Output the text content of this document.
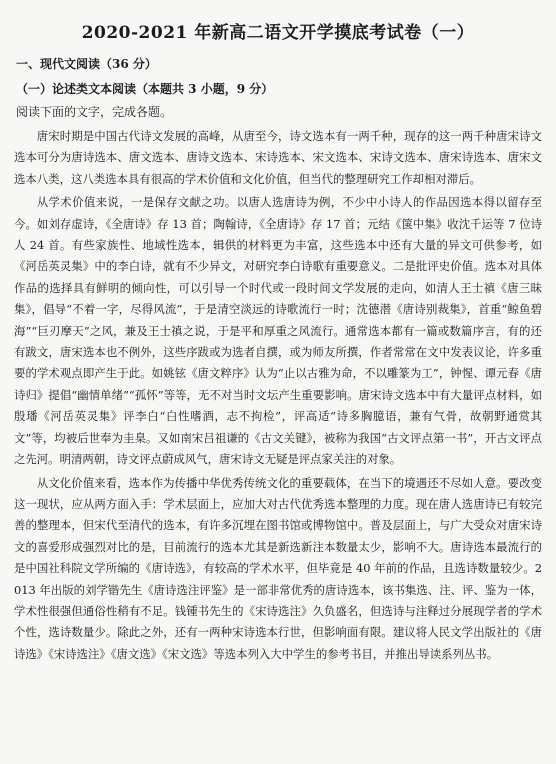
2020-2021 年新高二语文开学摸底考试卷（一）
一、现代文阅读（36 分）
（一）论述类文本阅读（本题共 3 小题，9 分）
阅读下面的文字，完成各题。

唐宋时期是中国古代诗文发展的高峰，从唐至今，诗文选本有一两千种，现存的这一两千种唐宋诗文选本可分为唐诗选本、唐文选本、唐诗文选本、宋诗选本、宋文选本、宋诗文选本、唐宋诗选本、唐宋文选本八类，这八类选本具有很高的学术价值和文化价值，但当代的整理研究工作却相对滞后。

从学术价值来说，一是保存文献之功。以唐人选唐诗为例，不少中小诗人的作品因选本得以留存至今。如刘存虚诗，《全唐诗》存 13 首；陶翰诗，《全唐诗》存 17 首；元结《箧中集》收沈千运等 7 位诗人 24 首。有些家族性、地域性选本，辑供的材料更为丰富，这些选本中还有大量的异文可供参考，如《河岳英灵集》中的李白诗，就有不少异文，对研究李白诗歌有重要意义。二是批评史价值。选本对具体作品的选择具有鲜明的倾向性，可以引导一个时代或一段时间文学发展的走向，如清人王士禛《唐三昧集》，倡导“不着一字，尽得风流”，于是清空淡远的诗歌流行一时；沈德潜《唐诗别裁集》，首重“鲸鱼碧海”“巨刃摩天”之风，兼及王士禛之说，于是平和厚重之风流行。通常选本都有一篇或数篇序言，有的还有跋文，唐宋选本也不例外，这些序跋或为选者自撰，或为师友所撰，作者常常在文中发表议论，许多重要的学术观点即产生于此。如姚铉《唐文粹序》认为“止以古雅为命，不以雕篆为工”，钟惺、谭元春《唐诗归》提倡“幽情单绪”“孤怀”等等，无不对当时文坛产生重要影响。唐宋诗文选本中有大量评点材料，如殷璠《河岳英灵集》评李白“白性嗜酒，志不拘检”，评高适“诗多胸臆语，兼有气骨，故朝野通赏其文”等，均被后世奉为圭臬。又如南宋吕祖谦的《古文关键》，被称为我国“古文评点第一书”，开古文评点之先河。明清两朝，诗文评点蔚成风气，唐宋诗文无疑是评点家关注的对象。

从文化价值来看，选本作为传播中华优秀传统文化的重要载体，在当下的境遇还不尽如人意。要改变这一现状，应从两方面入手：学术层面上，应加大对古代优秀选本整理的力度。现在唐人选唐诗已有较完善的整理本，但宋代至清代的选本，有许多沉埋在图书馆或博物馆中。普及层面上，与广大受众对唐宋诗文的喜爱形成强烈对比的是，目前流行的选本尤其是新选新注本数量太少，影响不大。唐诗选本最流行的是中国社科院文学所编的《唐诗选》，有较高的学术水平，但毕竟是 40 年前的作品，且选诗数量较少。2013 年出版的刘学锴先生《唐诗选注评鉴》是一部非常优秀的唐诗选本，该书集选、注、评、鉴为一体，学术性很强但通俗性稍有不足。钱锺书先生的《宋诗选注》久负盛名，但选诗与注释过分展现学者的学术个性，选诗数量少。除此之外，还有一两种宋诗选本行世，但影响面有限。建议将人民文学出版社的《唐诗选》《宋诗选注》《唐文选》《宋文选》等选本列入大中学生的参考书目，并推出导读系列丛书。
